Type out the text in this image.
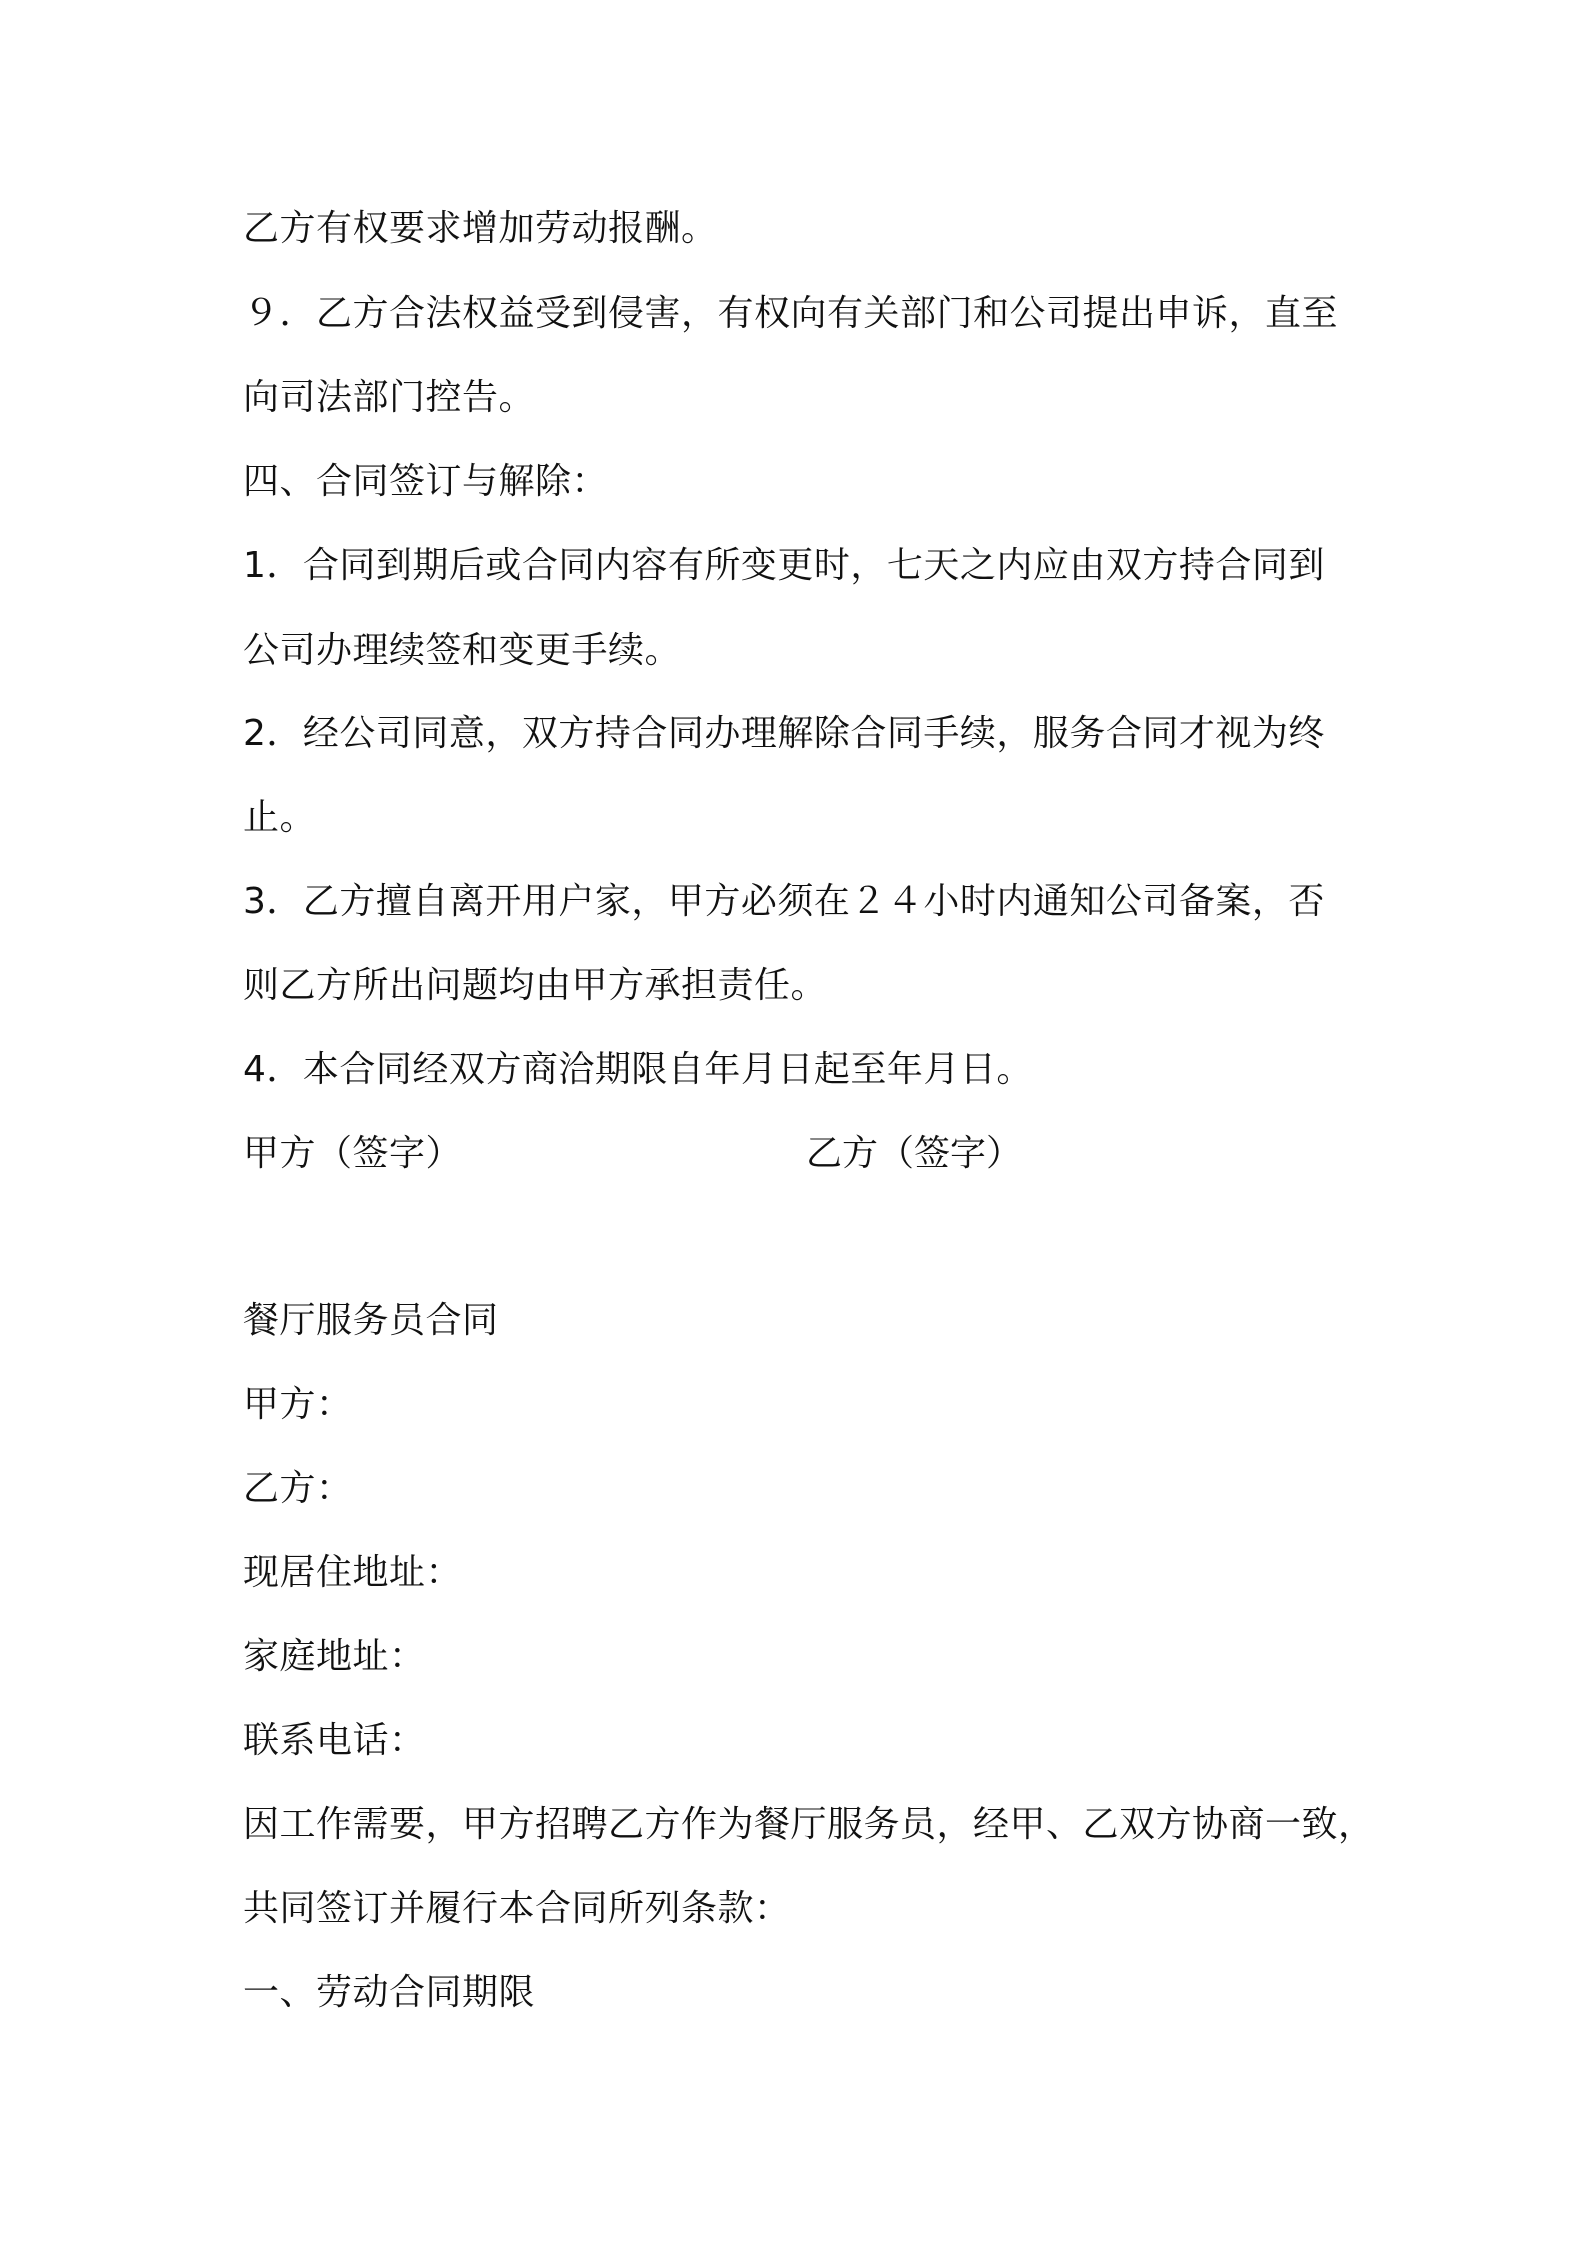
乙方有权要求增加劳动报酬。
９．乙方合法权益受到侵害，有权向有关部门和公司提出申诉，直至
向司法部门控告。
四、合同签订与解除：
1．合同到期后或合同内容有所变更时，七天之内应由双方持合同到
公司办理续签和变更手续。
2．经公司同意，双方持合同办理解除合同手续，服务合同才视为终
止。
3．乙方擅自离开用户家，甲方必须在２４小时内通知公司备案，否
则乙方所出问题均由甲方承担责任。
4．本合同经双方商洽期限自年月日起至年月日。
甲方（签字）	乙方（签字）
餐厅服务员合同
甲方：
乙方：
现居住地址：
家庭地址：
联系电话：
因工作需要，甲方招聘乙方作为餐厅服务员，经甲、乙双方协商一致，
共同签订并履行本合同所列条款：
一、劳动合同期限
